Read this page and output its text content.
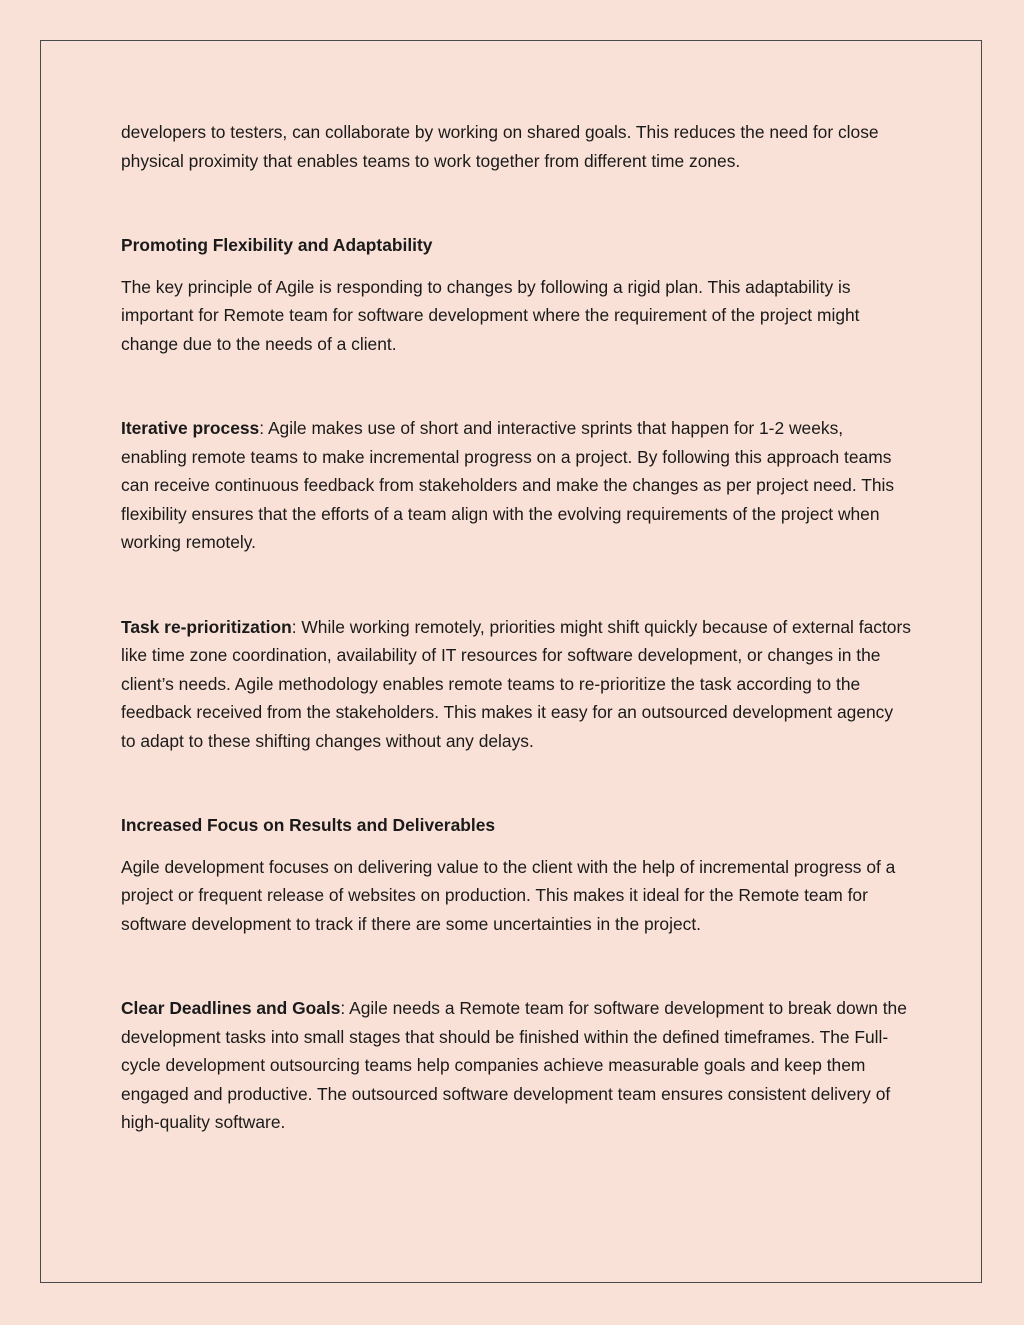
developers to testers, can collaborate by working on shared goals. This reduces the need for close physical proximity that enables teams to work together from different time zones.

Promoting Flexibility and Adaptability

The key principle of Agile is responding to changes by following a rigid plan. This adaptability is important for Remote team for software development where the requirement of the project might change due to the needs of a client.

Iterative process: Agile makes use of short and interactive sprints that happen for 1-2 weeks, enabling remote teams to make incremental progress on a project. By following this approach teams can receive continuous feedback from stakeholders and make the changes as per project need. This flexibility ensures that the efforts of a team align with the evolving requirements of the project when working remotely.

Task re-prioritization: While working remotely, priorities might shift quickly because of external factors like time zone coordination, availability of IT resources for software development, or changes in the client’s needs. Agile methodology enables remote teams to re-prioritize the task according to the feedback received from the stakeholders. This makes it easy for an outsourced development agency to adapt to these shifting changes without any delays.

Increased Focus on Results and Deliverables

Agile development focuses on delivering value to the client with the help of incremental progress of a project or frequent release of websites on production. This makes it ideal for the Remote team for software development to track if there are some uncertainties in the project.

Clear Deadlines and Goals: Agile needs a Remote team for software development to break down the development tasks into small stages that should be finished within the defined timeframes. The Full-cycle development outsourcing teams help companies achieve measurable goals and keep them engaged and productive. The outsourced software development team ensures consistent delivery of high-quality software.
